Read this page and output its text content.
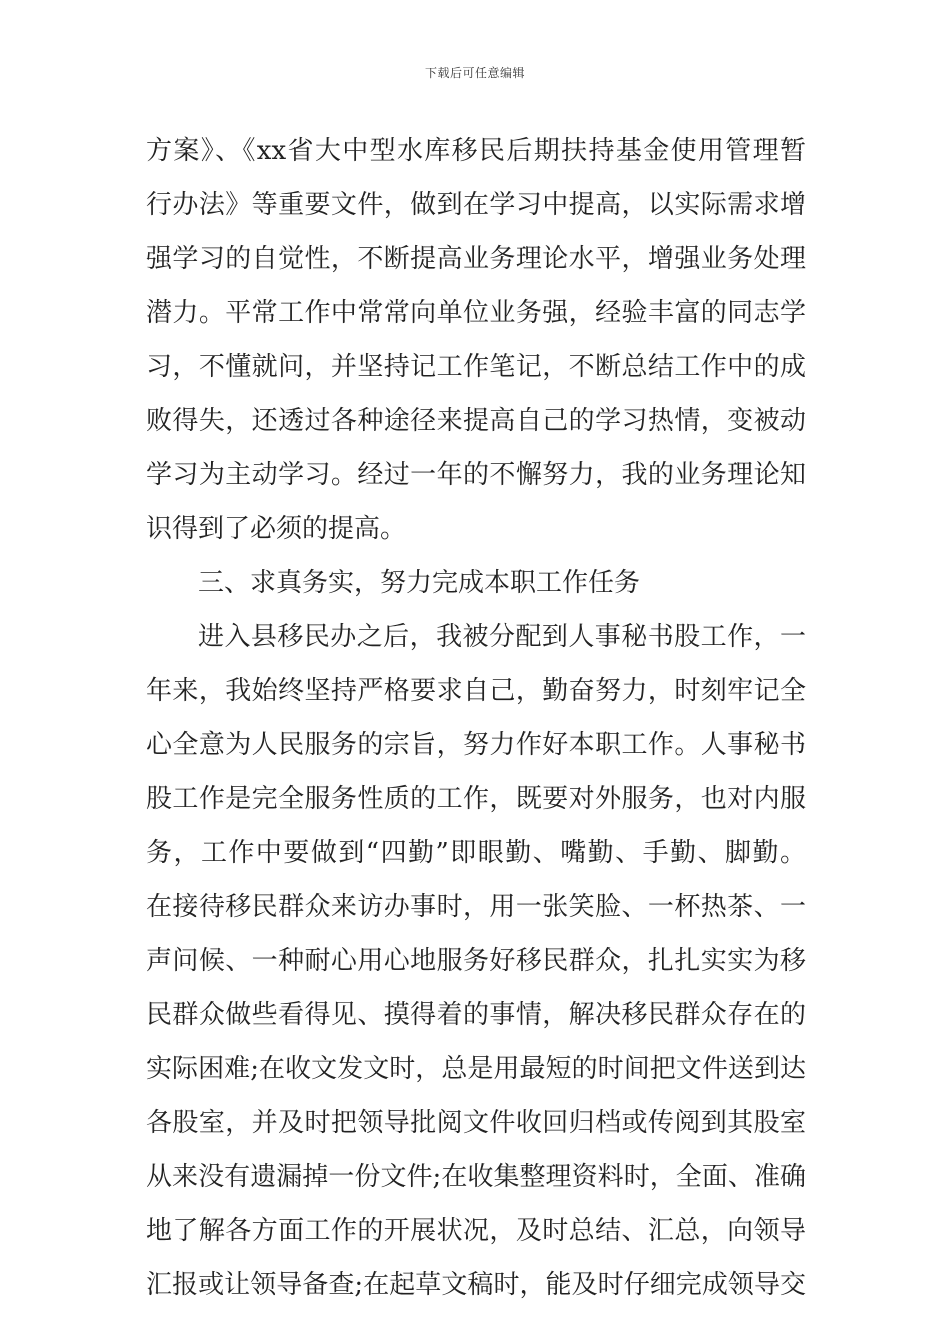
下载后可任意编辑
方案》、《xx省大中型水库移民后期扶持基金使用管理暂
行办法》等重要文件，做到在学习中提高，以实际需求增
强学习的自觉性，不断提高业务理论水平，增强业务处理
潜力。平常工作中常常向单位业务强，经验丰富的同志学
习，不懂就问，并坚持记工作笔记，不断总结工作中的成
败得失，还透过各种途径来提高自己的学习热情，变被动
学习为主动学习。经过一年的不懈努力，我的业务理论知
识得到了必须的提高。
三、求真务实，努力完成本职工作任务
进入县移民办之后，我被分配到人事秘书股工作，一
年来，我始终坚持严格要求自己，勤奋努力，时刻牢记全
心全意为人民服务的宗旨，努力作好本职工作。人事秘书
股工作是完全服务性质的工作，既要对外服务，也对内服
务，工作中要做到“四勤”即眼勤、嘴勤、手勤、脚勤。
在接待移民群众来访办事时，用一张笑脸、一杯热茶、一
声问候、一种耐心用心地服务好移民群众，扎扎实实为移
民群众做些看得见、摸得着的事情，解决移民群众存在的
实际困难;在收文发文时，总是用最短的时间把文件送到达
各股室，并及时把领导批阅文件收回归档或传阅到其股室
从来没有遗漏掉一份文件;在收集整理资料时，全面、准确
地了解各方面工作的开展状况，及时总结、汇总，向领导
汇报或让领导备查;在起草文稿时，能及时仔细完成领导交
